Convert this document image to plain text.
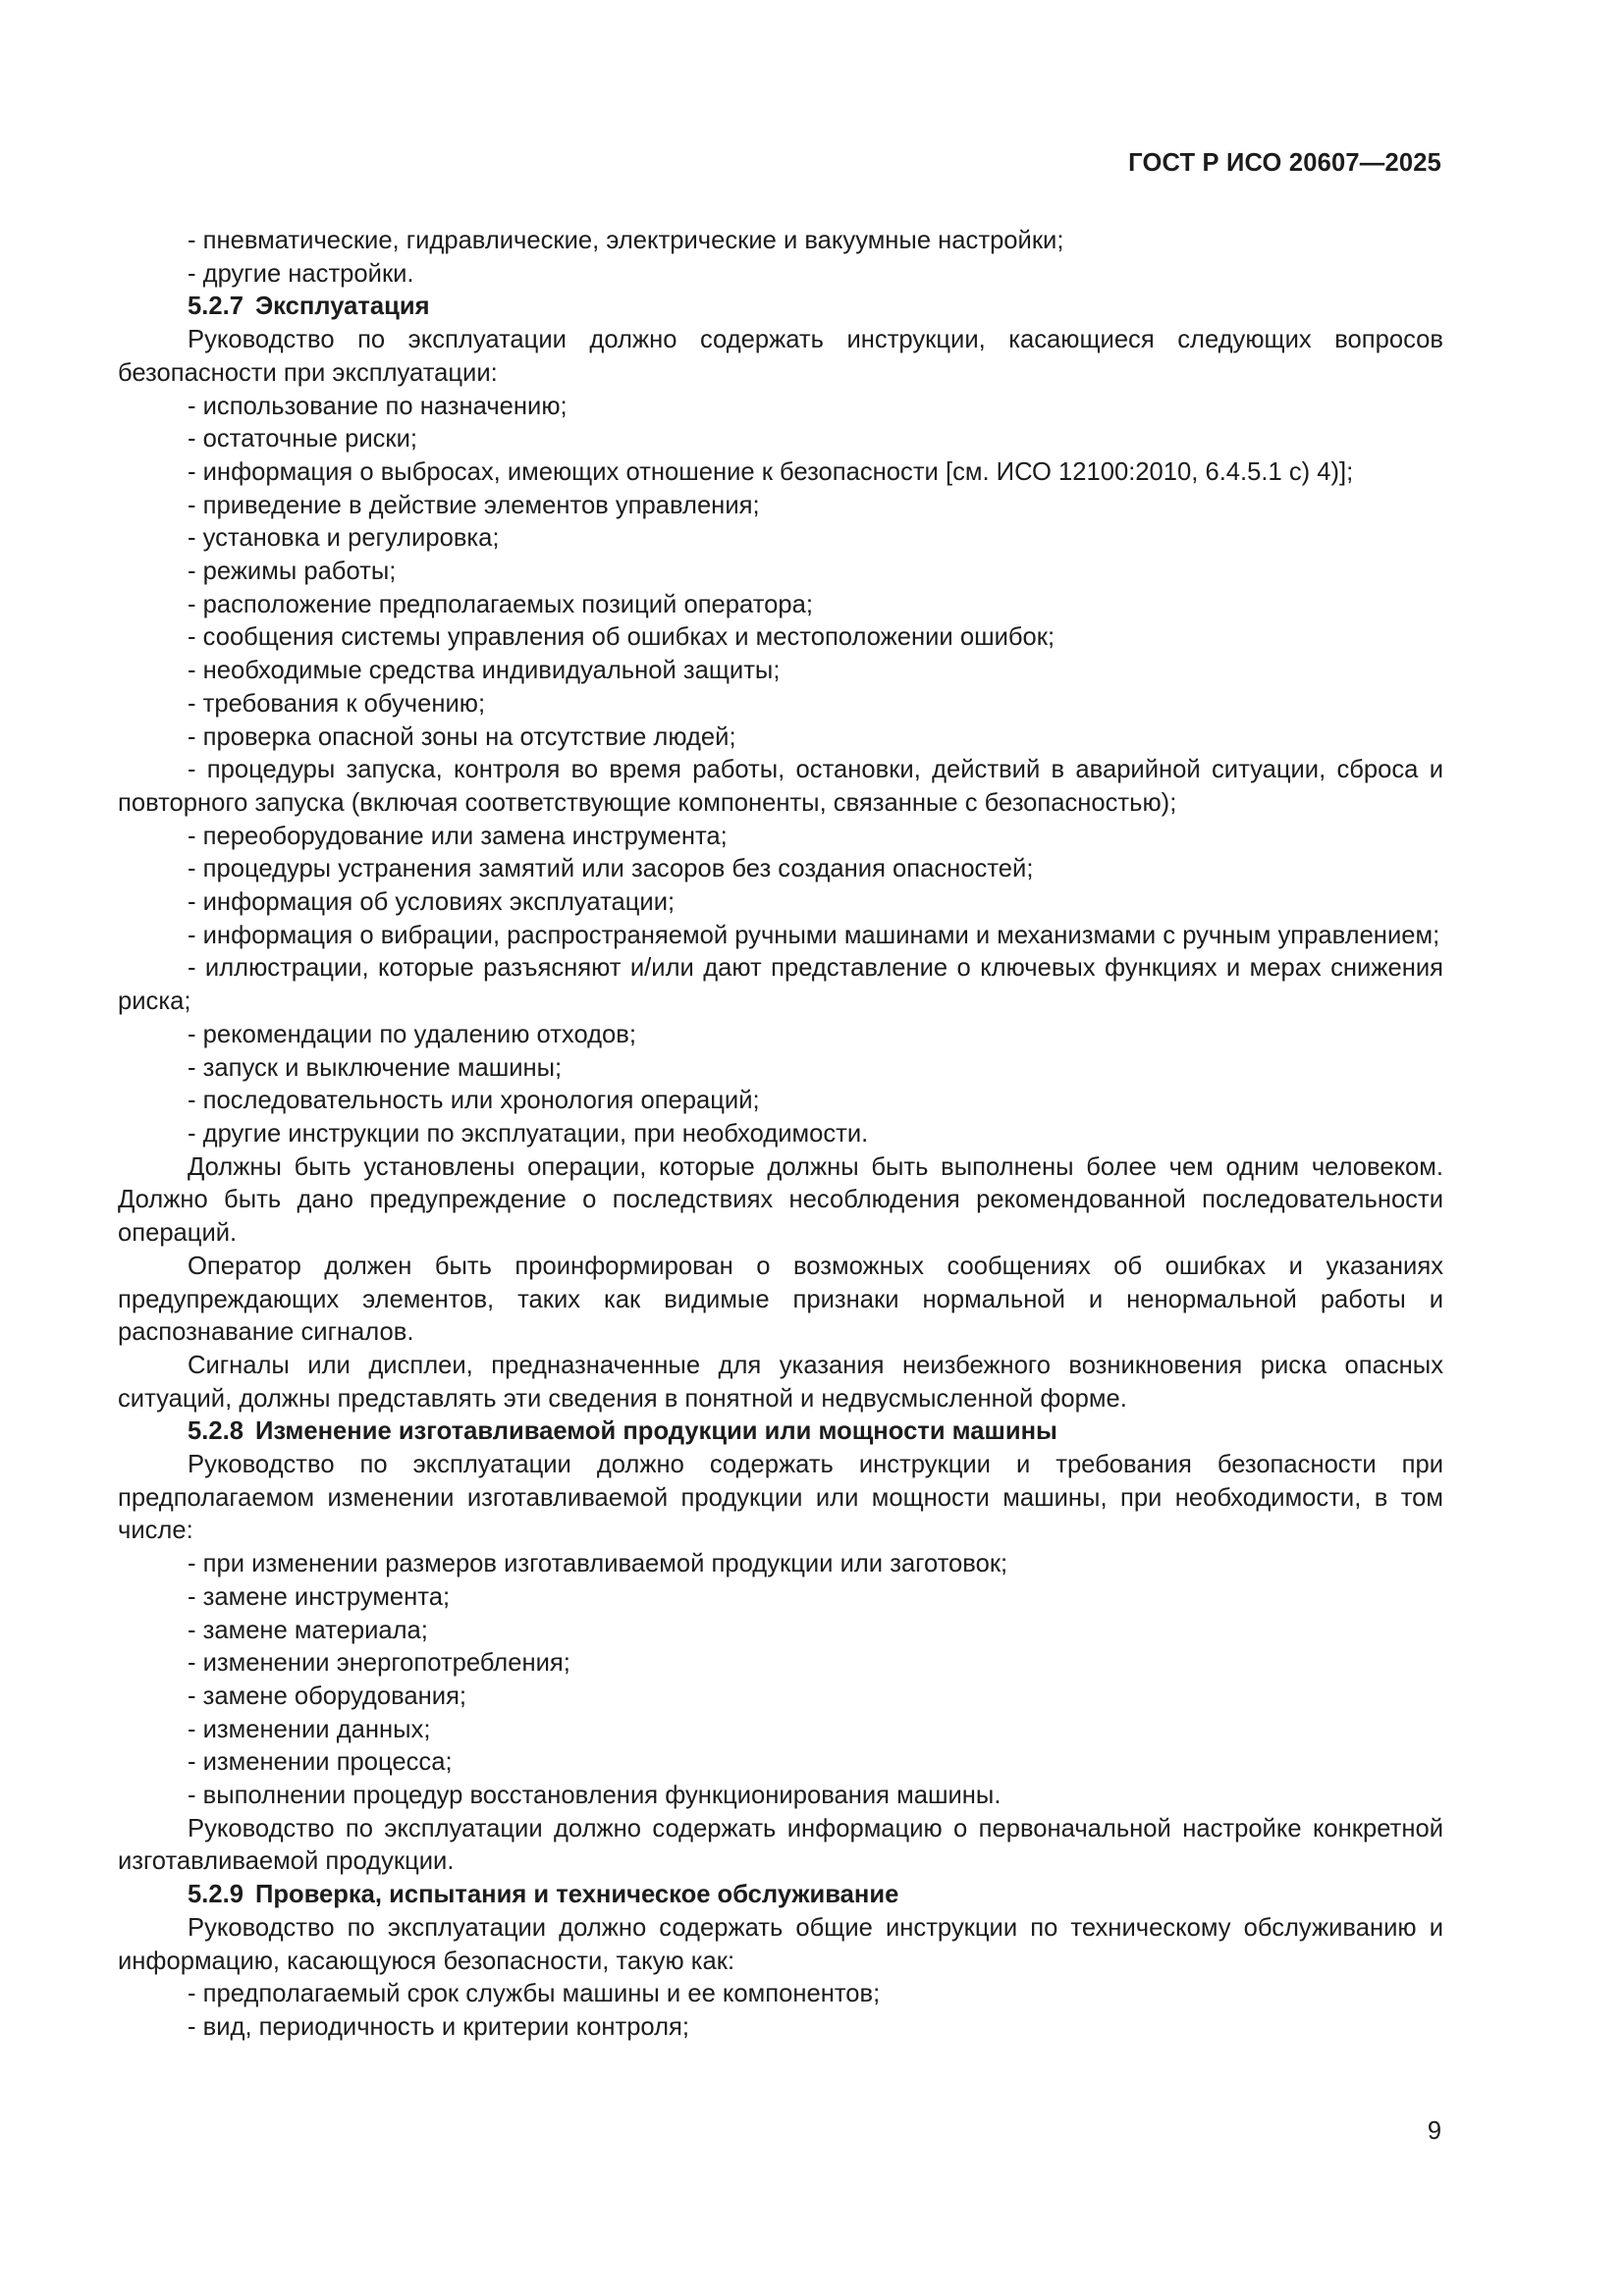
ГОСТ Р ИСО 20607—2025
- пневматические, гидравлические, электрические и вакуумные настройки;
- другие настройки.
5.2.7 Эксплуатация
Руководство по эксплуатации должно содержать инструкции, касающиеся следующих вопросов безопасности при эксплуатации:
- использование по назначению;
- остаточные риски;
- информация о выбросах, имеющих отношение к безопасности [см. ИСО 12100:2010, 6.4.5.1 c) 4)];
- приведение в действие элементов управления;
- установка и регулировка;
- режимы работы;
- расположение предполагаемых позиций оператора;
- сообщения системы управления об ошибках и местоположении ошибок;
- необходимые средства индивидуальной защиты;
- требования к обучению;
- проверка опасной зоны на отсутствие людей;
- процедуры запуска, контроля во время работы, остановки, действий в аварийной ситуации, сброса и повторного запуска (включая соответствующие компоненты, связанные с безопасностью);
- переоборудование или замена инструмента;
- процедуры устранения замятий или засоров без создания опасностей;
- информация об условиях эксплуатации;
- информация о вибрации, распространяемой ручными машинами и механизмами с ручным управлением;
- иллюстрации, которые разъясняют и/или дают представление о ключевых функциях и мерах снижения риска;
- рекомендации по удалению отходов;
- запуск и выключение машины;
- последовательность или хронология операций;
- другие инструкции по эксплуатации, при необходимости.
Должны быть установлены операции, которые должны быть выполнены более чем одним человеком. Должно быть дано предупреждение о последствиях несоблюдения рекомендованной последовательности операций.
Оператор должен быть проинформирован о возможных сообщениях об ошибках и указаниях предупреждающих элементов, таких как видимые признаки нормальной и ненормальной работы и распознавание сигналов.
Сигналы или дисплеи, предназначенные для указания неизбежного возникновения риска опасных ситуаций, должны представлять эти сведения в понятной и недвусмысленной форме.
5.2.8 Изменение изготавливаемой продукции или мощности машины
Руководство по эксплуатации должно содержать инструкции и требования безопасности при предполагаемом изменении изготавливаемой продукции или мощности машины, при необходимости, в том числе:
- при изменении размеров изготавливаемой продукции или заготовок;
- замене инструмента;
- замене материала;
- изменении энергопотребления;
- замене оборудования;
- изменении данных;
- изменении процесса;
- выполнении процедур восстановления функционирования машины.
Руководство по эксплуатации должно содержать информацию о первоначальной настройке конкретной изготавливаемой продукции.
5.2.9 Проверка, испытания и техническое обслуживание
Руководство по эксплуатации должно содержать общие инструкции по техническому обслуживанию и информацию, касающуюся безопасности, такую как:
- предполагаемый срок службы машины и ее компонентов;
- вид, периодичность и критерии контроля;
9
